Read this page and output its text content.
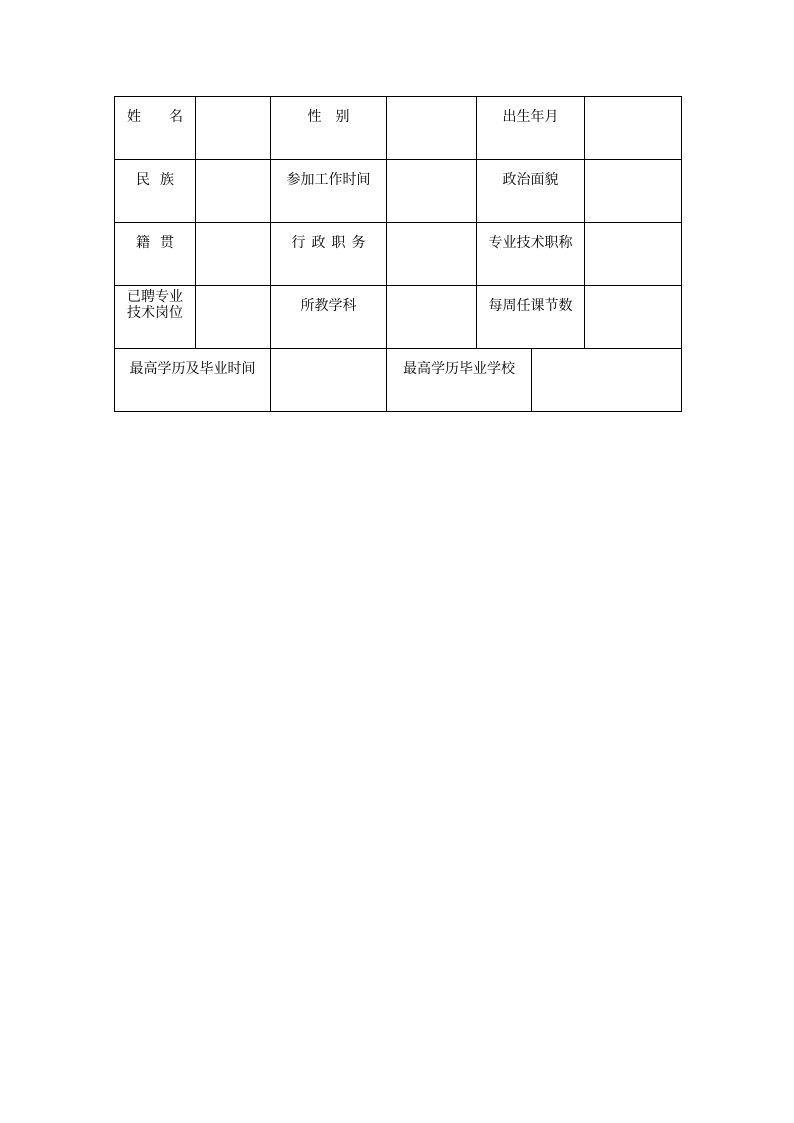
姓名		性别		出生年月		
民族		参加工作时间		政治面貌		
籍贯		行政职务		专业技术职称		
已聘专业 技术岗位		所教学科		每周任课节数		
最高学历及毕业时间			最高学历毕业学校			
